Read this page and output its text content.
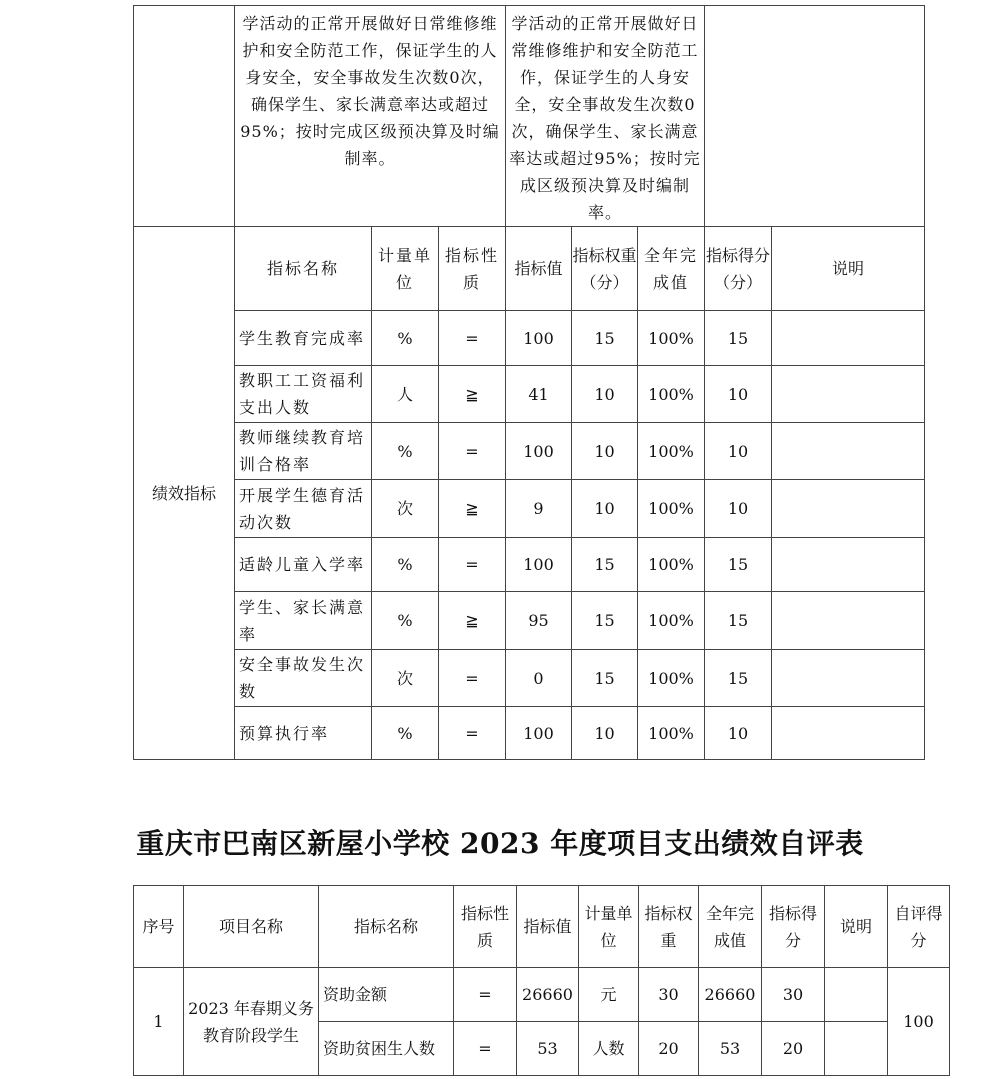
	学活动的正常开展做好日常维修维护和安全防范工作，保证学生的人身安全，安全事故发生次数0次，确保学生、家长满意率达或超过95%；按时完成区级预决算及时编制率。			学活动的正常开展做好日常维修维护和安全防范工作，保证学生的人身安全，安全事故发生次数0次，确保学生、家长满意率达或超过95%；按时完成区级预决算及时编制率。				
绩效指标	指标名称	计量单位	指标性质	指标值	指标权重（分）	全年完成值	指标得分（分）	说明
	学生教育完成率	%	=	100	15	100%	15	
	教职工工资福利支出人数	人	≧	41	10	100%	10	
	教师继续教育培训合格率	%	=	100	10	100%	10	
	开展学生德育活动次数	次	≧	9	10	100%	10	
	适龄儿童入学率	%	=	100	15	100%	15	
	学生、家长满意率	%	≧	95	15	100%	15	
	安全事故发生次数	次	=	0	15	100%	15	
	预算执行率	%	=	100	10	100%	10	
重庆市巴南区新屋小学校 2023 年度项目支出绩效自评表
序号	项目名称	指标名称	指标性质	指标值	计量单位	指标权重	全年完成值	指标得分	说明	自评得分
1	2023 年春期义务教育阶段学生	资助金额	=	26660	元	30	26660	30		100
		资助贫困生人数	=	53	人数	20	53	20		
